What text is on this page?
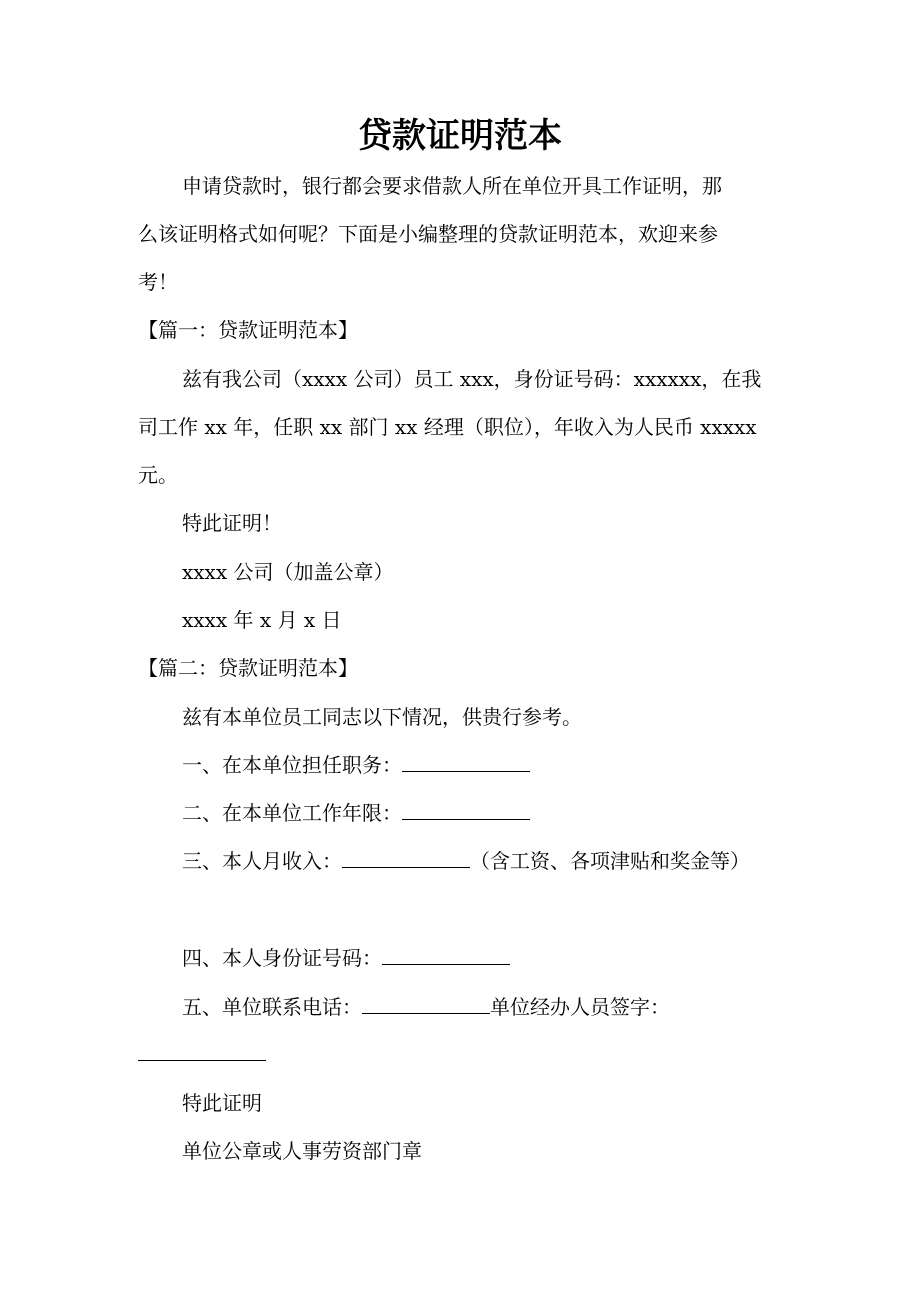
贷款证明范本

申请贷款时，银行都会要求借款人所在单位开具工作证明，那

么该证明格式如何呢？下面是小编整理的贷款证明范本，欢迎来参

考！

【篇一：贷款证明范本】

兹有我公司（xxxx 公司）员工 xxx，身份证号码：xxxxxx，在我

司工作 xx 年，任职 xx 部门 xx 经理（职位），年收入为人民币 xxxxx

元。

特此证明！

xxxx 公司（加盖公章）

xxxx 年 x 月 x 日

【篇二：贷款证明范本】

兹有本单位员工同志以下情况，供贵行参考。

一、在本单位担任职务：

二、在本单位工作年限：

三、本人月收入：	（含工资、各项津贴和奖金等）

四、本人身份证号码：

五、单位联系电话：	单位经办人员签字：

特此证明

单位公章或人事劳资部门章
